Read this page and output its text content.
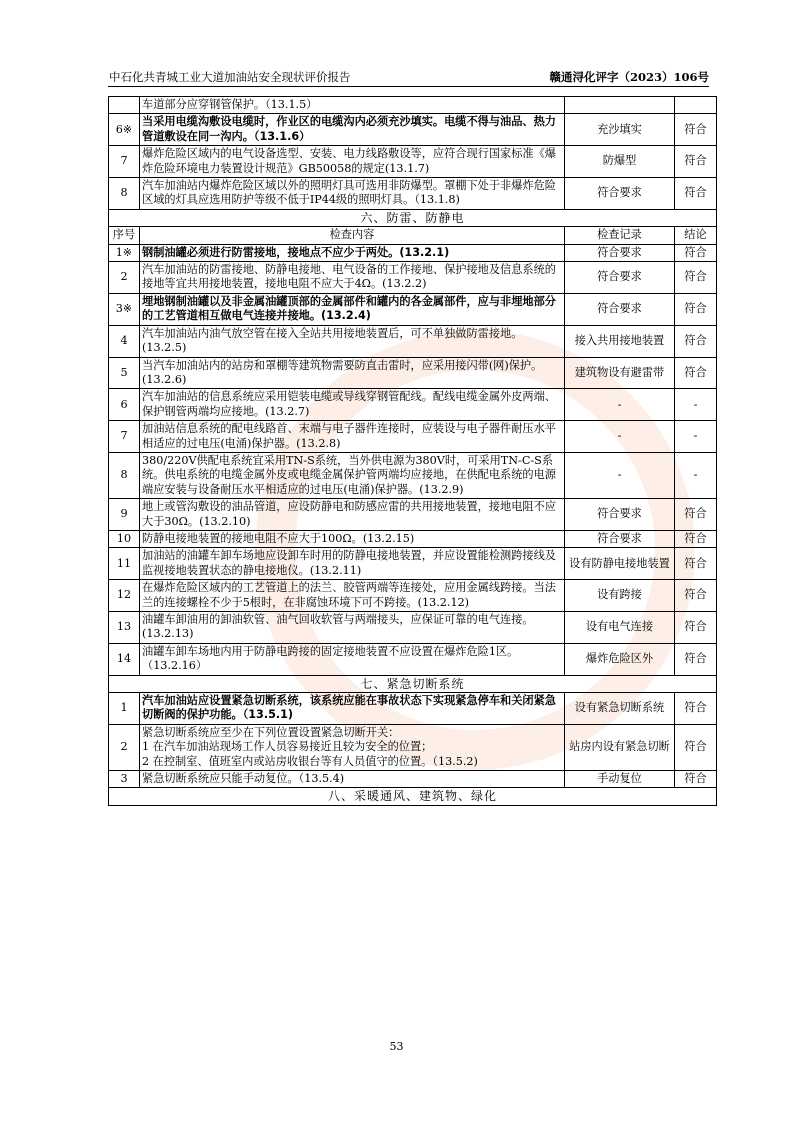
中石化共青城工业大道加油站安全现状评价报告	赣通浔化评字（2023）106号
	车道部分应穿钢管保护。（13.1.5）		
6※	当采用电缆沟敷设电缆时，作业区的电缆沟内必须充沙填实。电缆不得与油品、热力管道敷设在同一沟内。（13.1.6）	充沙填实	符合
7	爆炸危险区域内的电气设备选型、安装、电力线路敷设等，应符合现行国家标准《爆炸危险环境电力装置设计规范》GB50058的规定(13.1.7)	防爆型	符合
8	汽车加油站内爆炸危险区域以外的照明灯具可选用非防爆型。罩棚下处于非爆炸危险区域的灯具应选用防护等级不低于IP44级的照明灯具。（13.1.8)	符合要求	符合
六、防雷、防静电			
序号	检查内容	检查记录	结论
1※	钢制油罐必须进行防雷接地，接地点不应少于两处。(13.2.1)	符合要求	符合
2	汽车加油站的防雷接地、防静电接地、电气设备的工作接地、保护接地及信息系统的接地等宜共用接地装置，接地电阻不应大于4Ω。(13.2.2)	符合要求	符合
3※	埋地钢制油罐以及非金属油罐顶部的金属部件和罐内的各金属部件，应与非埋地部分的工艺管道相互做电气连接并接地。(13.2.4)	符合要求	符合
4	汽车加油站内油气放空管在接入全站共用接地装置后，可不单独做防雷接地。(13.2.5)	接入共用接地装置	符合
5	当汽车加油站内的站房和罩棚等建筑物需要防直击雷时，应采用接闪带(网)保护。(13.2.6)	建筑物设有避雷带	符合
6	汽车加油站的信息系统应采用铠装电缆或导线穿钢管配线。配线电缆金属外皮两端、保护钢管两端均应接地。(13.2.7)	-	-
7	加油站信息系统的配电线路首、末端与电子器件连接时，应装设与电子器件耐压水平相适应的过电压(电涌)保护器。(13.2.8)	-	-
8	380/220V供配电系统宜采用TN-S系统，当外供电源为380V时，可采用TN-C-S系统。供电系统的电缆金属外皮或电缆金属保护管两端均应接地，在供配电系统的电源端应安装与设备耐压水平相适应的过电压(电涌)保护器。(13.2.9)	-	-
9	地上或管沟敷设的油品管道，应设防静电和防感应雷的共用接地装置，接地电阻不应大于30Ω。(13.2.10)	符合要求	符合
10	防静电接地装置的接地电阻不应大于100Ω。(13.2.15)	符合要求	符合
11	加油站的油罐车卸车场地应设卸车时用的防静电接地装置，并应设置能检测跨接线及监视接地装置状态的静电接地仪。(13.2.11)	设有防静电接地装置	符合
12	在爆炸危险区域内的工艺管道上的法兰、胶管两端等连接处，应用金属线跨接。当法兰的连接螺栓不少于5根时，在非腐蚀环境下可不跨接。(13.2.12)	设有跨接	符合
13	油罐车卸油用的卸油软管、油气回收软管与两端接头，应保证可靠的电气连接。(13.2.13)	设有电气连接	符合
14	油罐车卸车场地内用于防静电跨接的固定接地装置不应设置在爆炸危险1区。（13.2.16）	爆炸危险区外	符合
七、紧急切断系统			
1	汽车加油站应设置紧急切断系统，该系统应能在事故状态下实现紧急停车和关闭紧急切断阀的保护功能。（13.5.1)	设有紧急切断系统	符合
2	紧急切断系统应至少在下列位置设置紧急切断开关：
1 在汽车加油站现场工作人员容易接近且较为安全的位置；
2 在控制室、值班室内或站房收银台等有人员值守的位置。（13.5.2)	站房内设有紧急切断	符合
3	紧急切断系统应只能手动复位。（13.5.4)	手动复位	符合
八、采暖通风、建筑物、绿化			
53
